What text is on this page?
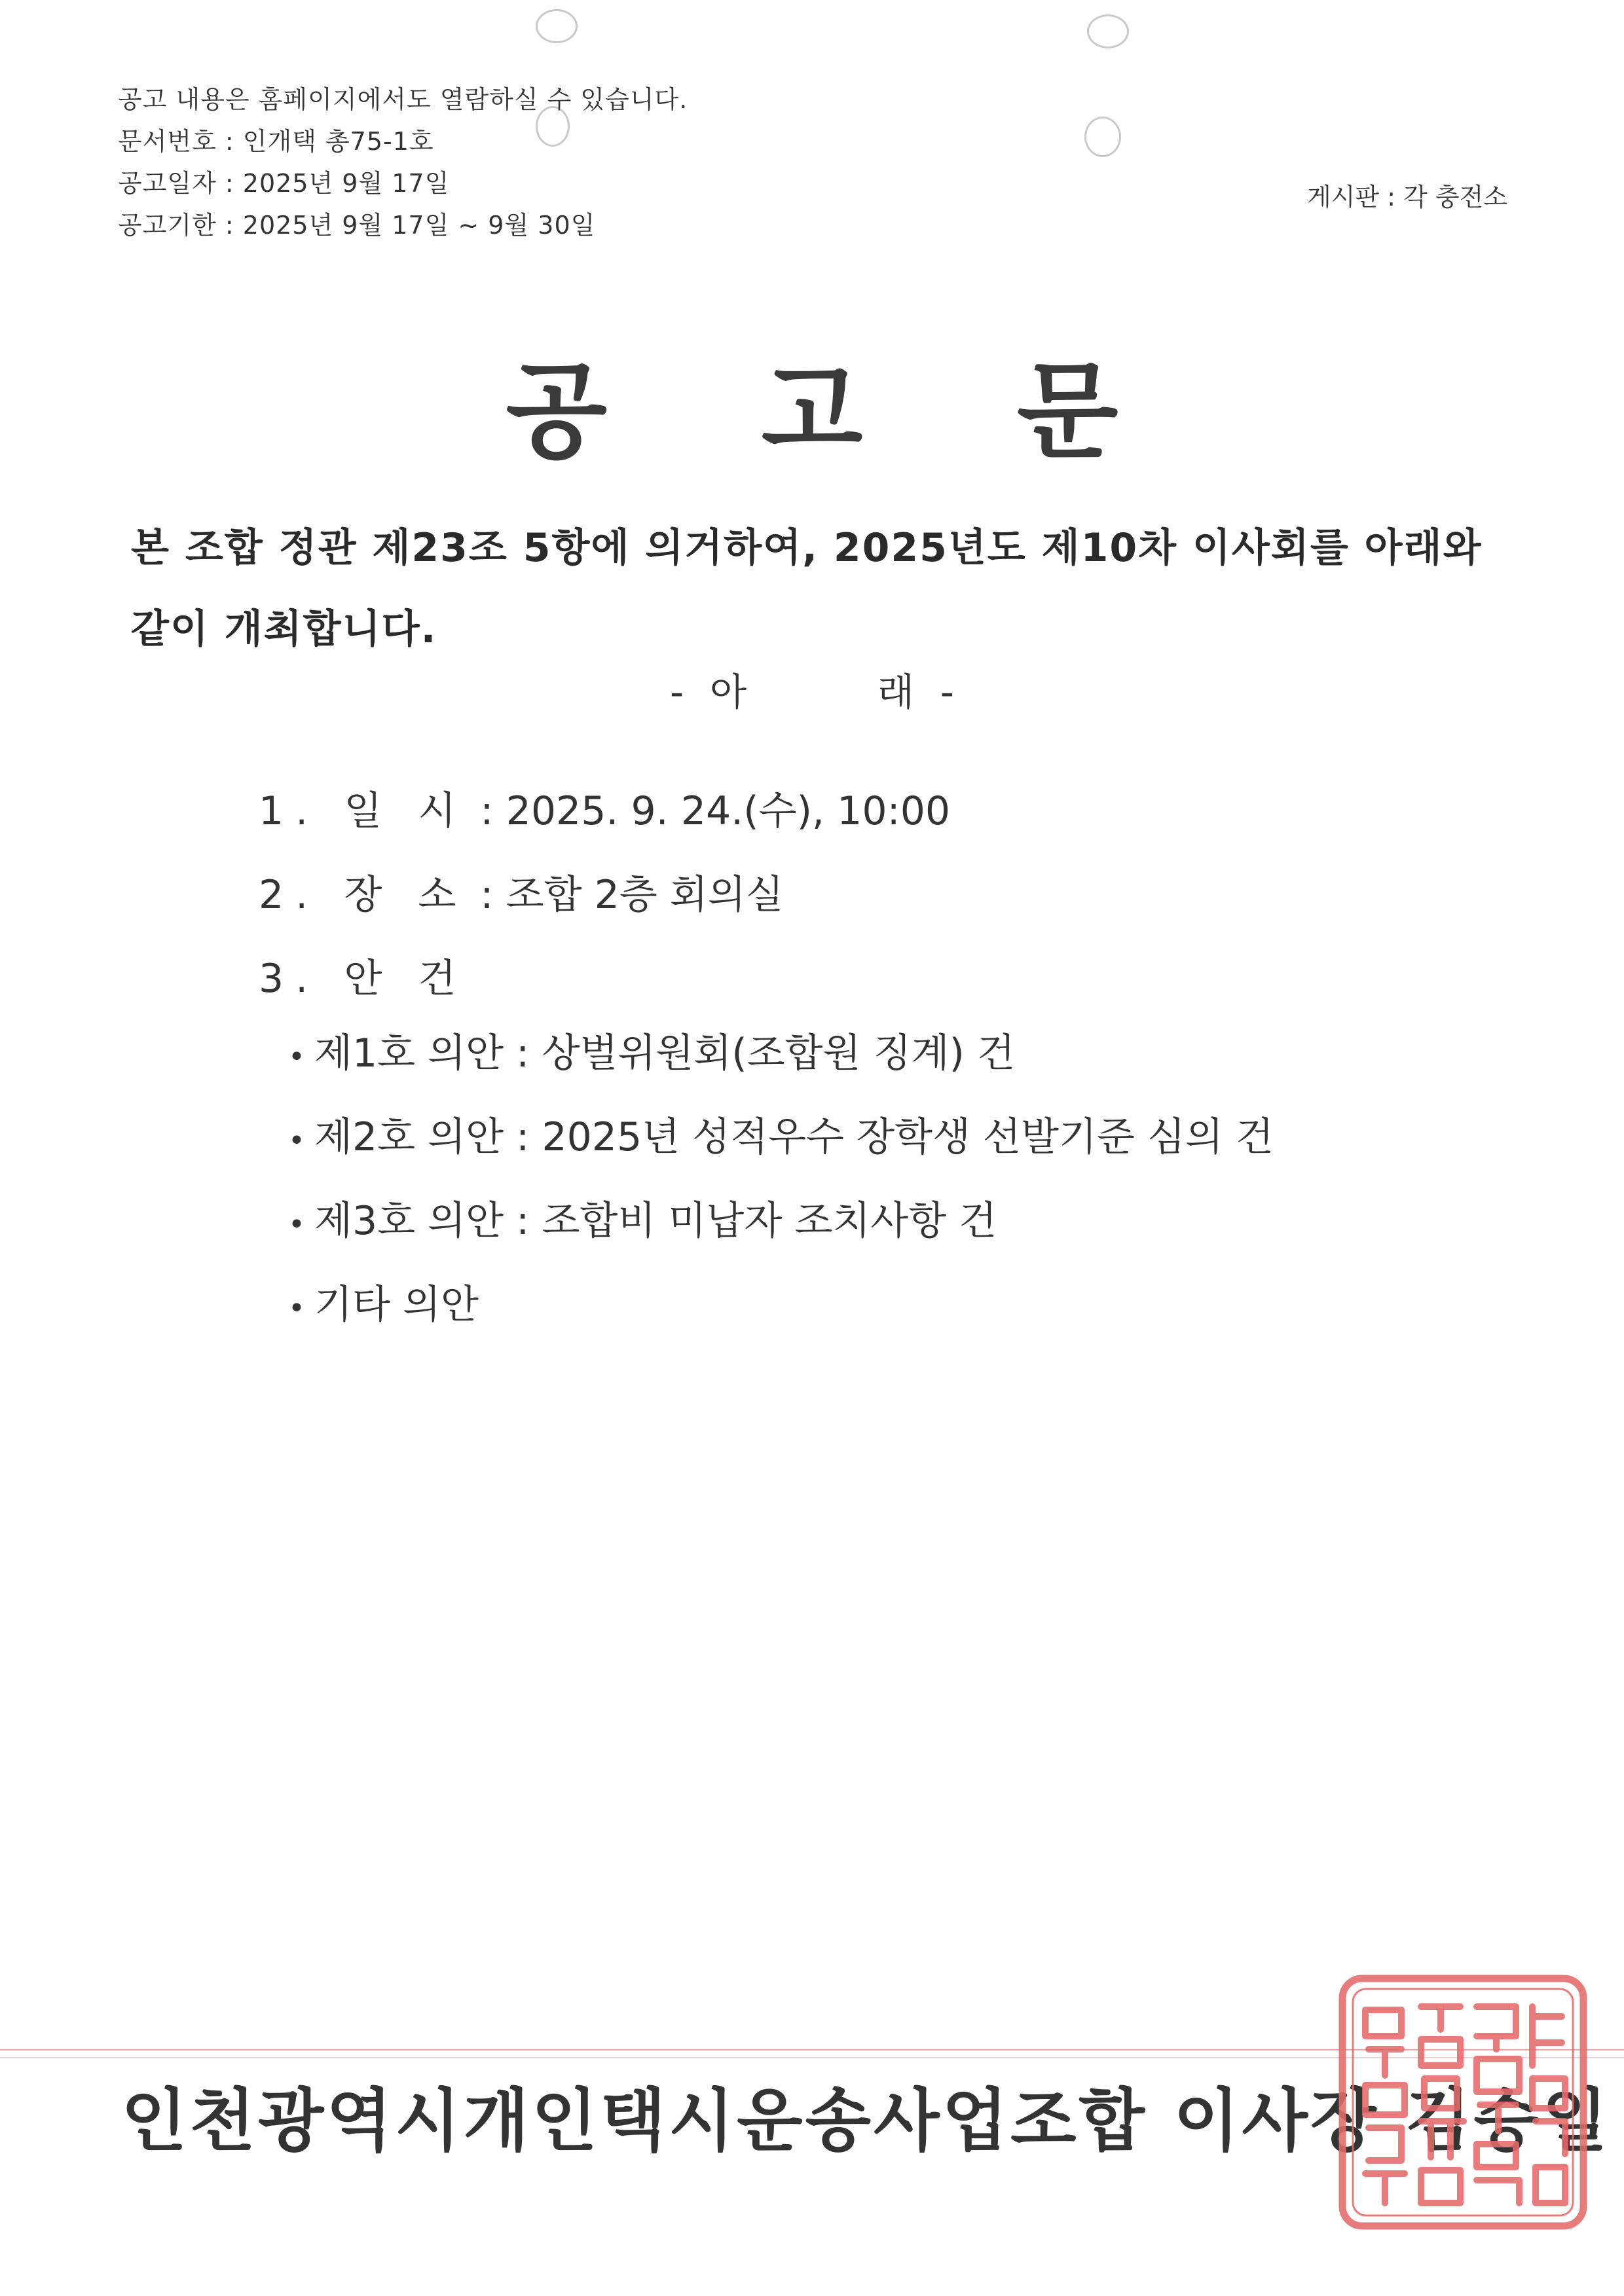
공고 내용은 홈페이지에서도 열람하실 수 있습니다.
문서번호 : 인개택 총75-1호
공고일자 : 2025년 9월 17일
공고기한 : 2025년 9월 17일 ~ 9월 30일
게시판 : 각 충전소
공 고 문
본 조합 정관 제23조 5항에 의거하여, 2025년도 제10차 이사회를 아래와
같이 개최합니다.
- 아	래 -
1. 일 시 : 2025. 9. 24.(수), 10:00
2. 장 소 : 조합 2층 회의실
3. 안 건
• 제1호 의안 : 상벌위원회(조합원 징계) 건
• 제2호 의안 : 2025년 성적우수 장학생 선발기준 심의 건
• 제3호 의안 : 조합비 미납자 조치사항 건
• 기타 의안
인천광역시개인택시운송사업조합 이사장 김승일
